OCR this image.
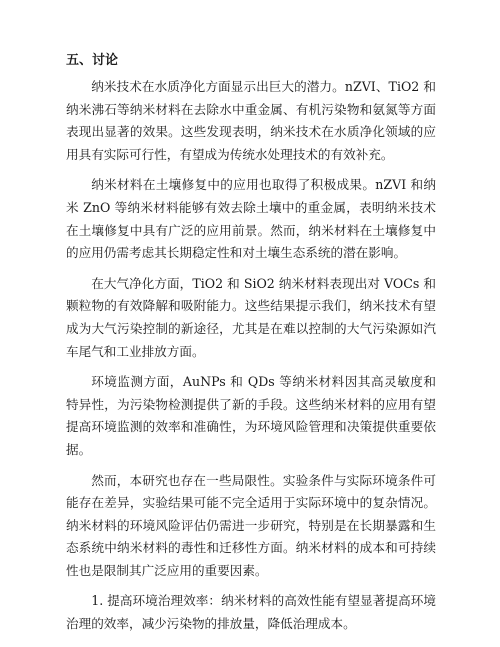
五、讨论

纳米技术在水质净化方面显示出巨大的潜力。nZVI、TiO2 和纳米沸石等纳米材料在去除水中重金属、有机污染物和氨氮等方面表现出显著的效果。这些发现表明，纳米技术在水质净化领域的应用具有实际可行性，有望成为传统水处理技术的有效补充。

纳米材料在土壤修复中的应用也取得了积极成果。nZVI 和纳米 ZnO 等纳米材料能够有效去除土壤中的重金属，表明纳米技术在土壤修复中具有广泛的应用前景。然而，纳米材料在土壤修复中的应用仍需考虑其长期稳定性和对土壤生态系统的潜在影响。

在大气净化方面，TiO2 和 SiO2 纳米材料表现出对 VOCs 和颗粒物的有效降解和吸附能力。这些结果提示我们，纳米技术有望成为大气污染控制的新途径，尤其是在难以控制的大气污染源如汽车尾气和工业排放方面。

环境监测方面，AuNPs 和 QDs 等纳米材料因其高灵敏度和特异性，为污染物检测提供了新的手段。这些纳米材料的应用有望提高环境监测的效率和准确性，为环境风险管理和决策提供重要依据。

然而，本研究也存在一些局限性。实验条件与实际环境条件可能存在差异，实验结果可能不完全适用于实际环境中的复杂情况。纳米材料的环境风险评估仍需进一步研究，特别是在长期暴露和生态系统中纳米材料的毒性和迁移性方面。纳米材料的成本和可持续性也是限制其广泛应用的重要因素。

1. 提高环境治理效率：纳米材料的高效性能有望显著提高环境治理的效率，减少污染物的排放量，降低治理成本。
